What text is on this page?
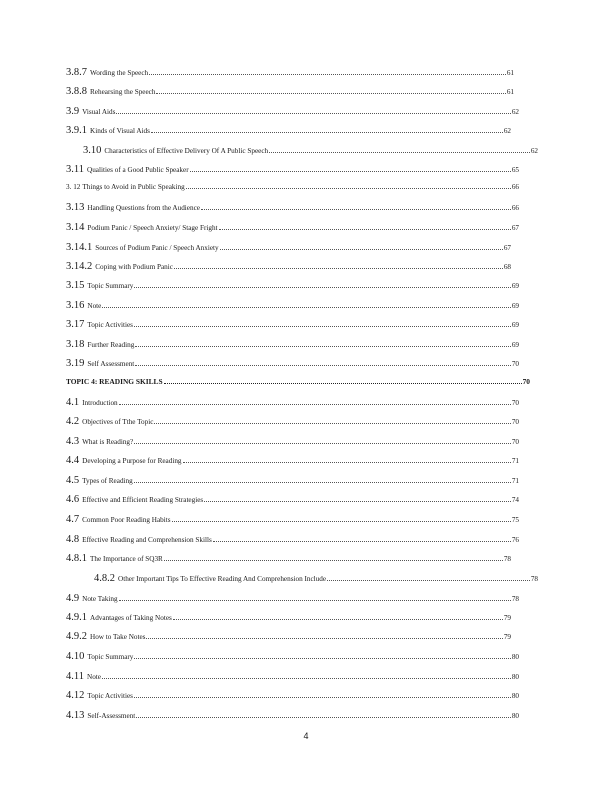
3.8.7 Wording the Speech	61
3.8.8 Rehearsing the Speech	61
3.9 Visual Aids	62
3.9.1 Kinds of Visual Aids	62
3.10 Characteristics of Effective Delivery Of A Public Speech	62
3.11 Qualities of a Good Public Speaker	65
3. 12 Things to Avoid in Public Speaking	66
3.13 Handling Questions from the Audience	66
3.14 Podium Panic / Speech Anxiety/ Stage Fright	67
3.14.1 Sources of Podium Panic / Speech Anxiety	67
3.14.2 Coping with Podium Panic	68
3.15 Topic Summary	69
3.16 Note	69
3.17 Topic Activities	69
3.18 Further Reading	69
3.19 Self Assessment	70
TOPIC 4: READING SKILLS	70
4.1 Introduction	70
4.2 Objectives of Tthe Topic	70
4.3 What is Reading?	70
4.4 Developing a Purpose for Reading	71
4.5 Types of Reading	71
4.6 Effective and Efficient Reading Strategies	74
4.7 Common Poor Reading Habits	75
4.8 Effective Reading and Comprehension Skills	76
4.8.1 The Importance of SQ3R	78
4.8.2 Other Important Tips To Effective Reading And Comprehension Include	78
4.9 Note Taking	78
4.9.1 Advantages of Taking Notes	79
4.9.2 How to Take Notes	79
4.10 Topic Summary	80
4.11 Note	80
4.12 Topic Activities	80
4.13 Self-Assessment	80
4
